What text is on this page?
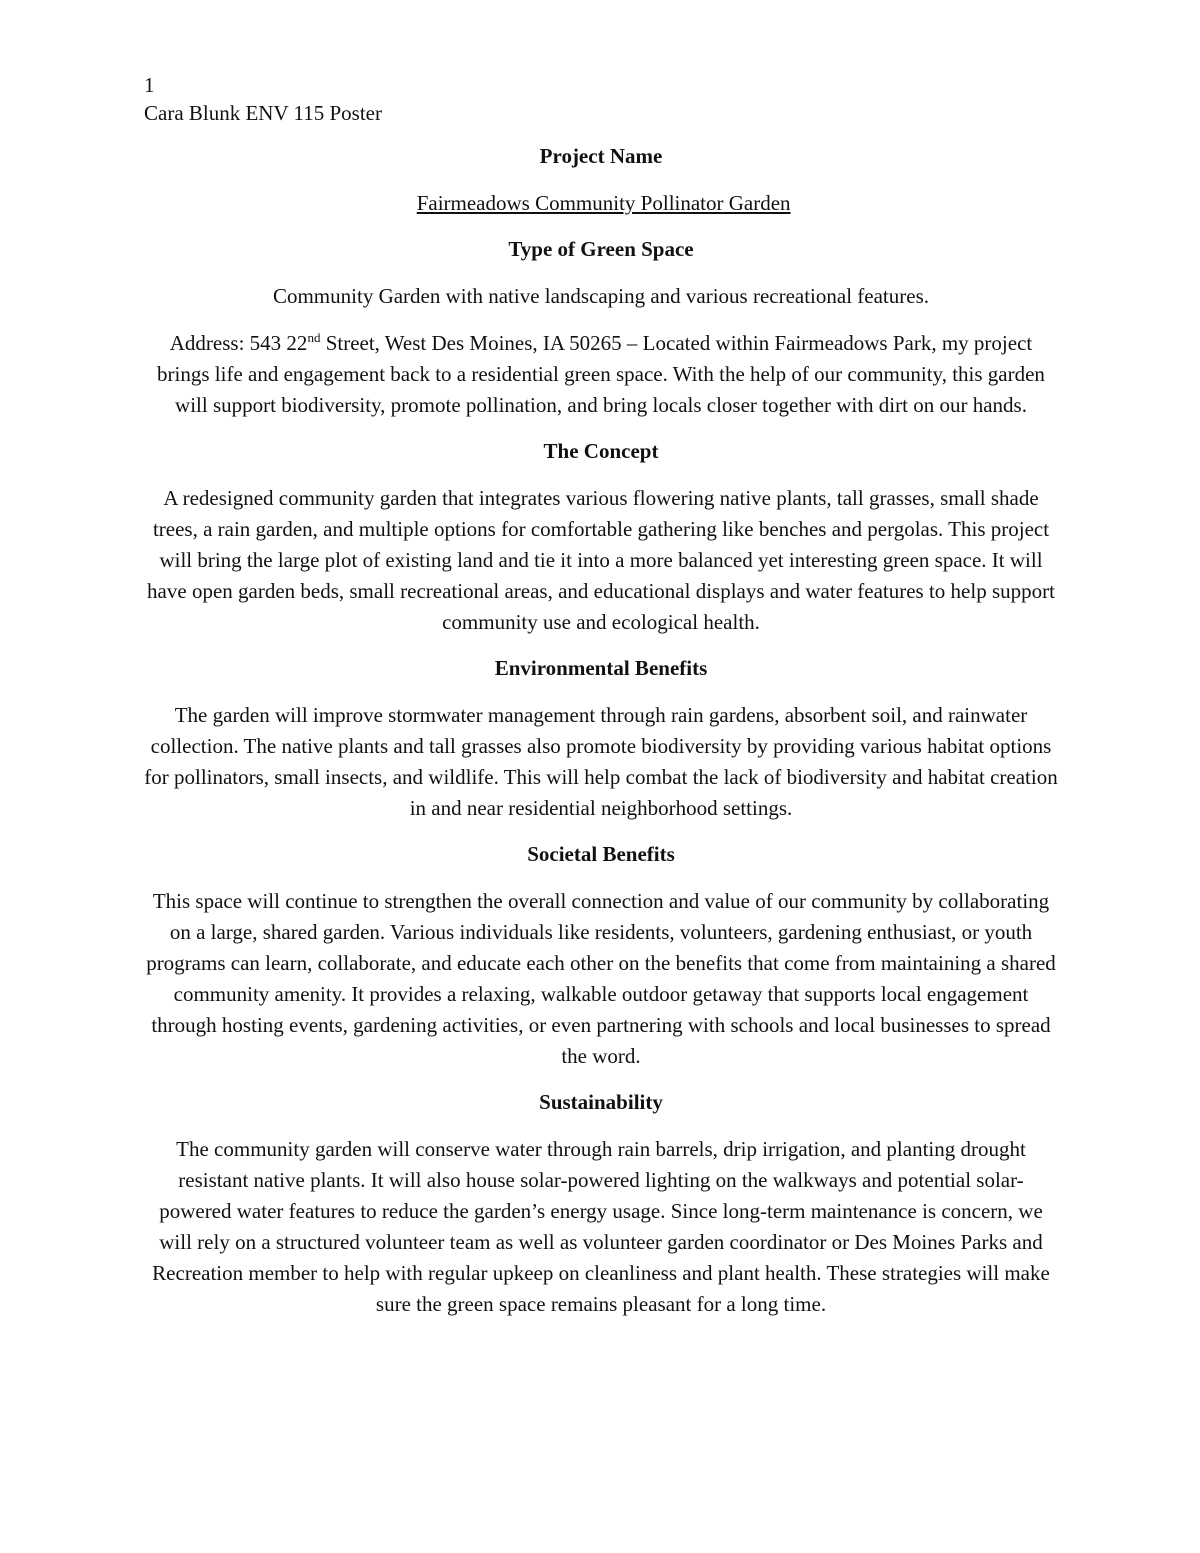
1
Cara Blunk ENV 115 Poster

Project Name

Fairmeadows Community Pollinator Garden

Type of Green Space

Community Garden with native landscaping and various recreational features.

Address: 543 22nd Street, West Des Moines, IA 50265 – Located within Fairmeadows Park, my project brings life and engagement back to a residential green space. With the help of our community, this garden will support biodiversity, promote pollination, and bring locals closer together with dirt on our hands.

The Concept

A redesigned community garden that integrates various flowering native plants, tall grasses, small shade trees, a rain garden, and multiple options for comfortable gathering like benches and pergolas. This project will bring the large plot of existing land and tie it into a more balanced yet interesting green space. It will have open garden beds, small recreational areas, and educational displays and water features to help support community use and ecological health.

Environmental Benefits

The garden will improve stormwater management through rain gardens, absorbent soil, and rainwater collection. The native plants and tall grasses also promote biodiversity by providing various habitat options for pollinators, small insects, and wildlife. This will help combat the lack of biodiversity and habitat creation in and near residential neighborhood settings.

Societal Benefits

This space will continue to strengthen the overall connection and value of our community by collaborating on a large, shared garden. Various individuals like residents, volunteers, gardening enthusiast, or youth programs can learn, collaborate, and educate each other on the benefits that come from maintaining a shared community amenity. It provides a relaxing, walkable outdoor getaway that supports local engagement through hosting events, gardening activities, or even partnering with schools and local businesses to spread the word.

Sustainability

The community garden will conserve water through rain barrels, drip irrigation, and planting drought resistant native plants. It will also house solar-powered lighting on the walkways and potential solar-powered water features to reduce the garden’s energy usage. Since long-term maintenance is concern, we will rely on a structured volunteer team as well as volunteer garden coordinator or Des Moines Parks and Recreation member to help with regular upkeep on cleanliness and plant health. These strategies will make sure the green space remains pleasant for a long time.
